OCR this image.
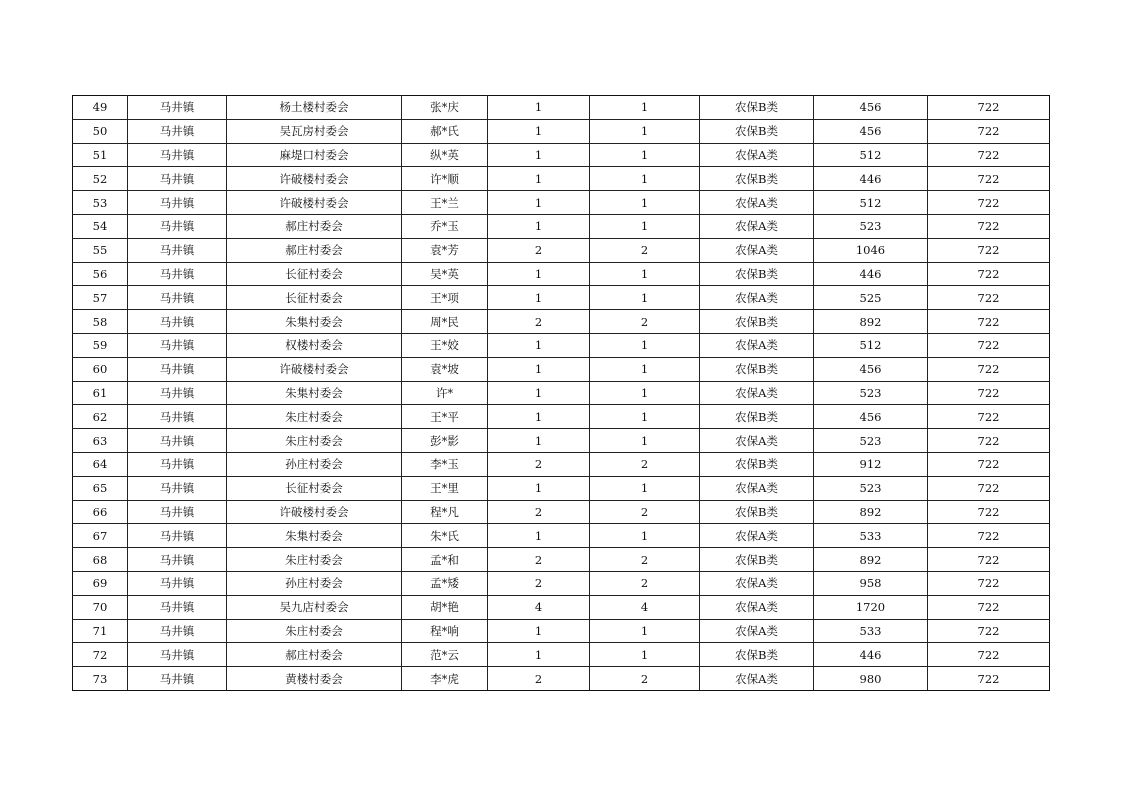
49	马井镇	杨土楼村委会	张*庆	1	1	农保B类	456	722
50	马井镇	吴瓦房村委会	郝*氏	1	1	农保B类	456	722
51	马井镇	麻堤口村委会	纵*英	1	1	农保A类	512	722
52	马井镇	许破楼村委会	许*顺	1	1	农保B类	446	722
53	马井镇	许破楼村委会	王*兰	1	1	农保A类	512	722
54	马井镇	郝庄村委会	乔*玉	1	1	农保A类	523	722
55	马井镇	郝庄村委会	袁*芳	2	2	农保A类	1046	722
56	马井镇	长征村委会	吴*英	1	1	农保B类	446	722
57	马井镇	长征村委会	王*项	1	1	农保A类	525	722
58	马井镇	朱集村委会	周*民	2	2	农保B类	892	722
59	马井镇	权楼村委会	王*姣	1	1	农保A类	512	722
60	马井镇	许破楼村委会	袁*坡	1	1	农保B类	456	722
61	马井镇	朱集村委会	许*	1	1	农保A类	523	722
62	马井镇	朱庄村委会	王*平	1	1	农保B类	456	722
63	马井镇	朱庄村委会	彭*影	1	1	农保A类	523	722
64	马井镇	孙庄村委会	李*玉	2	2	农保B类	912	722
65	马井镇	长征村委会	王*里	1	1	农保A类	523	722
66	马井镇	许破楼村委会	程*凡	2	2	农保B类	892	722
67	马井镇	朱集村委会	朱*氏	1	1	农保A类	533	722
68	马井镇	朱庄村委会	孟*和	2	2	农保B类	892	722
69	马井镇	孙庄村委会	孟*矮	2	2	农保A类	958	722
70	马井镇	吴九店村委会	胡*艳	4	4	农保A类	1720	722
71	马井镇	朱庄村委会	程*响	1	1	农保A类	533	722
72	马井镇	郝庄村委会	范*云	1	1	农保B类	446	722
73	马井镇	黄楼村委会	李*虎	2	2	农保A类	980	722
